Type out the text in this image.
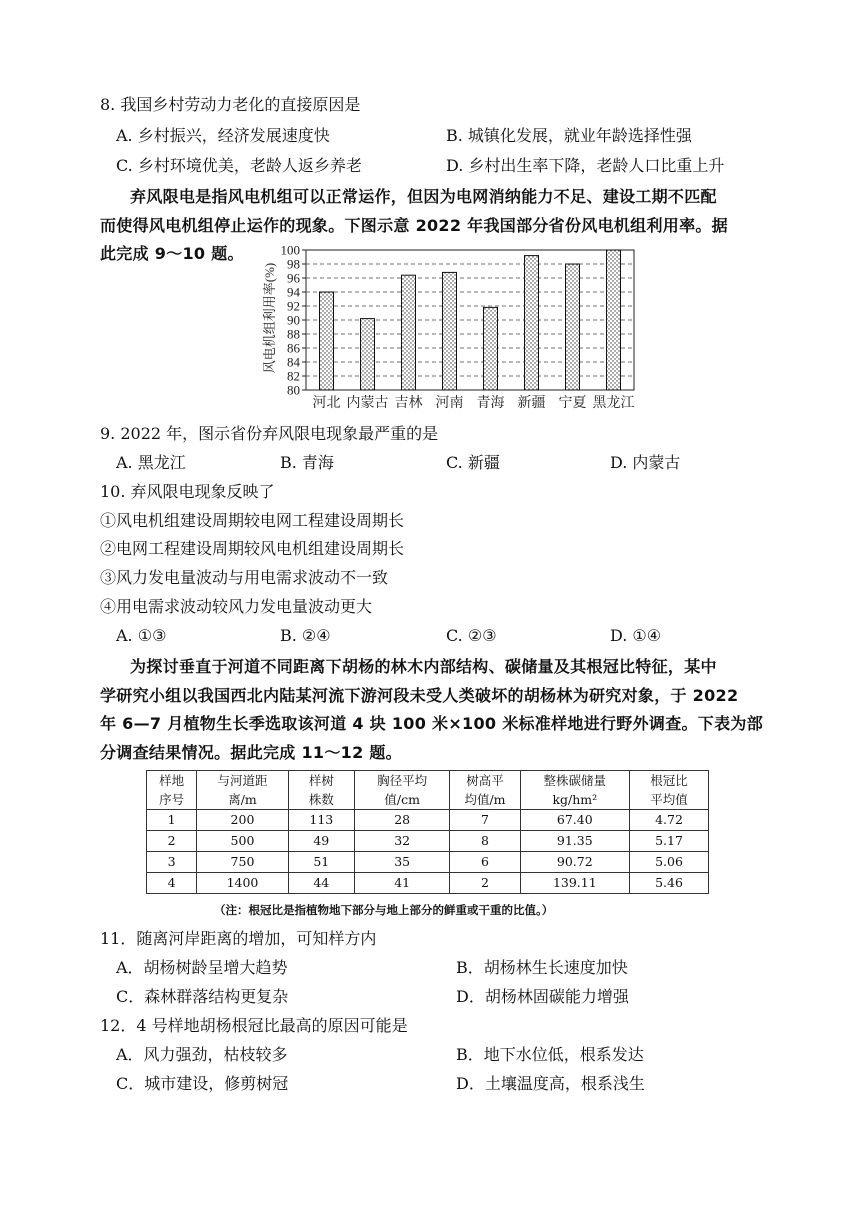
8. 我国乡村劳动力老化的直接原因是
A. 乡村振兴，经济发展速度快	B. 城镇化发展，就业年龄选择性强
C. 乡村环境优美，老龄人返乡养老	D. 乡村出生率下降，老龄人口比重上升
弃风限电是指风电机组可以正常运作，但因为电网消纳能力不足、建设工期不匹配
而使得风电机组停止运作的现象。下图示意 2022 年我国部分省份风电机组利用率。据
此完成 9～10 题。
风电机组利用率(%)
80
82
84
86
88
90
92
94
96
98
100
河北 内蒙古 吉林 河南 青海 新疆 宁夏 黑龙江
9. 2022 年，图示省份弃风限电现象最严重的是
A. 黑龙江	B. 青海	C. 新疆	D. 内蒙古
10. 弃风限电现象反映了
①风电机组建设周期较电网工程建设周期长
②电网工程建设周期较风电机组建设周期长
③风力发电量波动与用电需求波动不一致
④用电需求波动较风力发电量波动更大
A. ①③	B. ②④	C. ②③	D. ①④
为探讨垂直于河道不同距离下胡杨的林木内部结构、碳储量及其根冠比特征，某中
学研究小组以我国西北内陆某河流下游河段未受人类破坏的胡杨林为研究对象，于 2022
年 6—7 月植物生长季选取该河道 4 块 100 米×100 米标准样地进行野外调查。下表为部
分调查结果情况。据此完成 11～12 题。
样地	与河道距	样树	胸径平均	树高平	整株碳储量	根冠比
序号	离/m	株数	值/cm	均值/m	kg/hm²	平均值
1	200	113	28	7	67.40	4.72
2	500	49	32	8	91.35	5.17
3	750	51	35	6	90.72	5.06
4	1400	44	41	2	139.11	5.46
（注：根冠比是指植物地下部分与地上部分的鲜重或干重的比值。）
11．随离河岸距离的增加，可知样方内
A．胡杨树龄呈增大趋势	B．胡杨林生长速度加快
C．森林群落结构更复杂	D．胡杨林固碳能力增强
12．4 号样地胡杨根冠比最高的原因可能是
A．风力强劲，枯枝较多	B．地下水位低，根系发达
C．城市建设，修剪树冠	D．土壤温度高，根系浅生
